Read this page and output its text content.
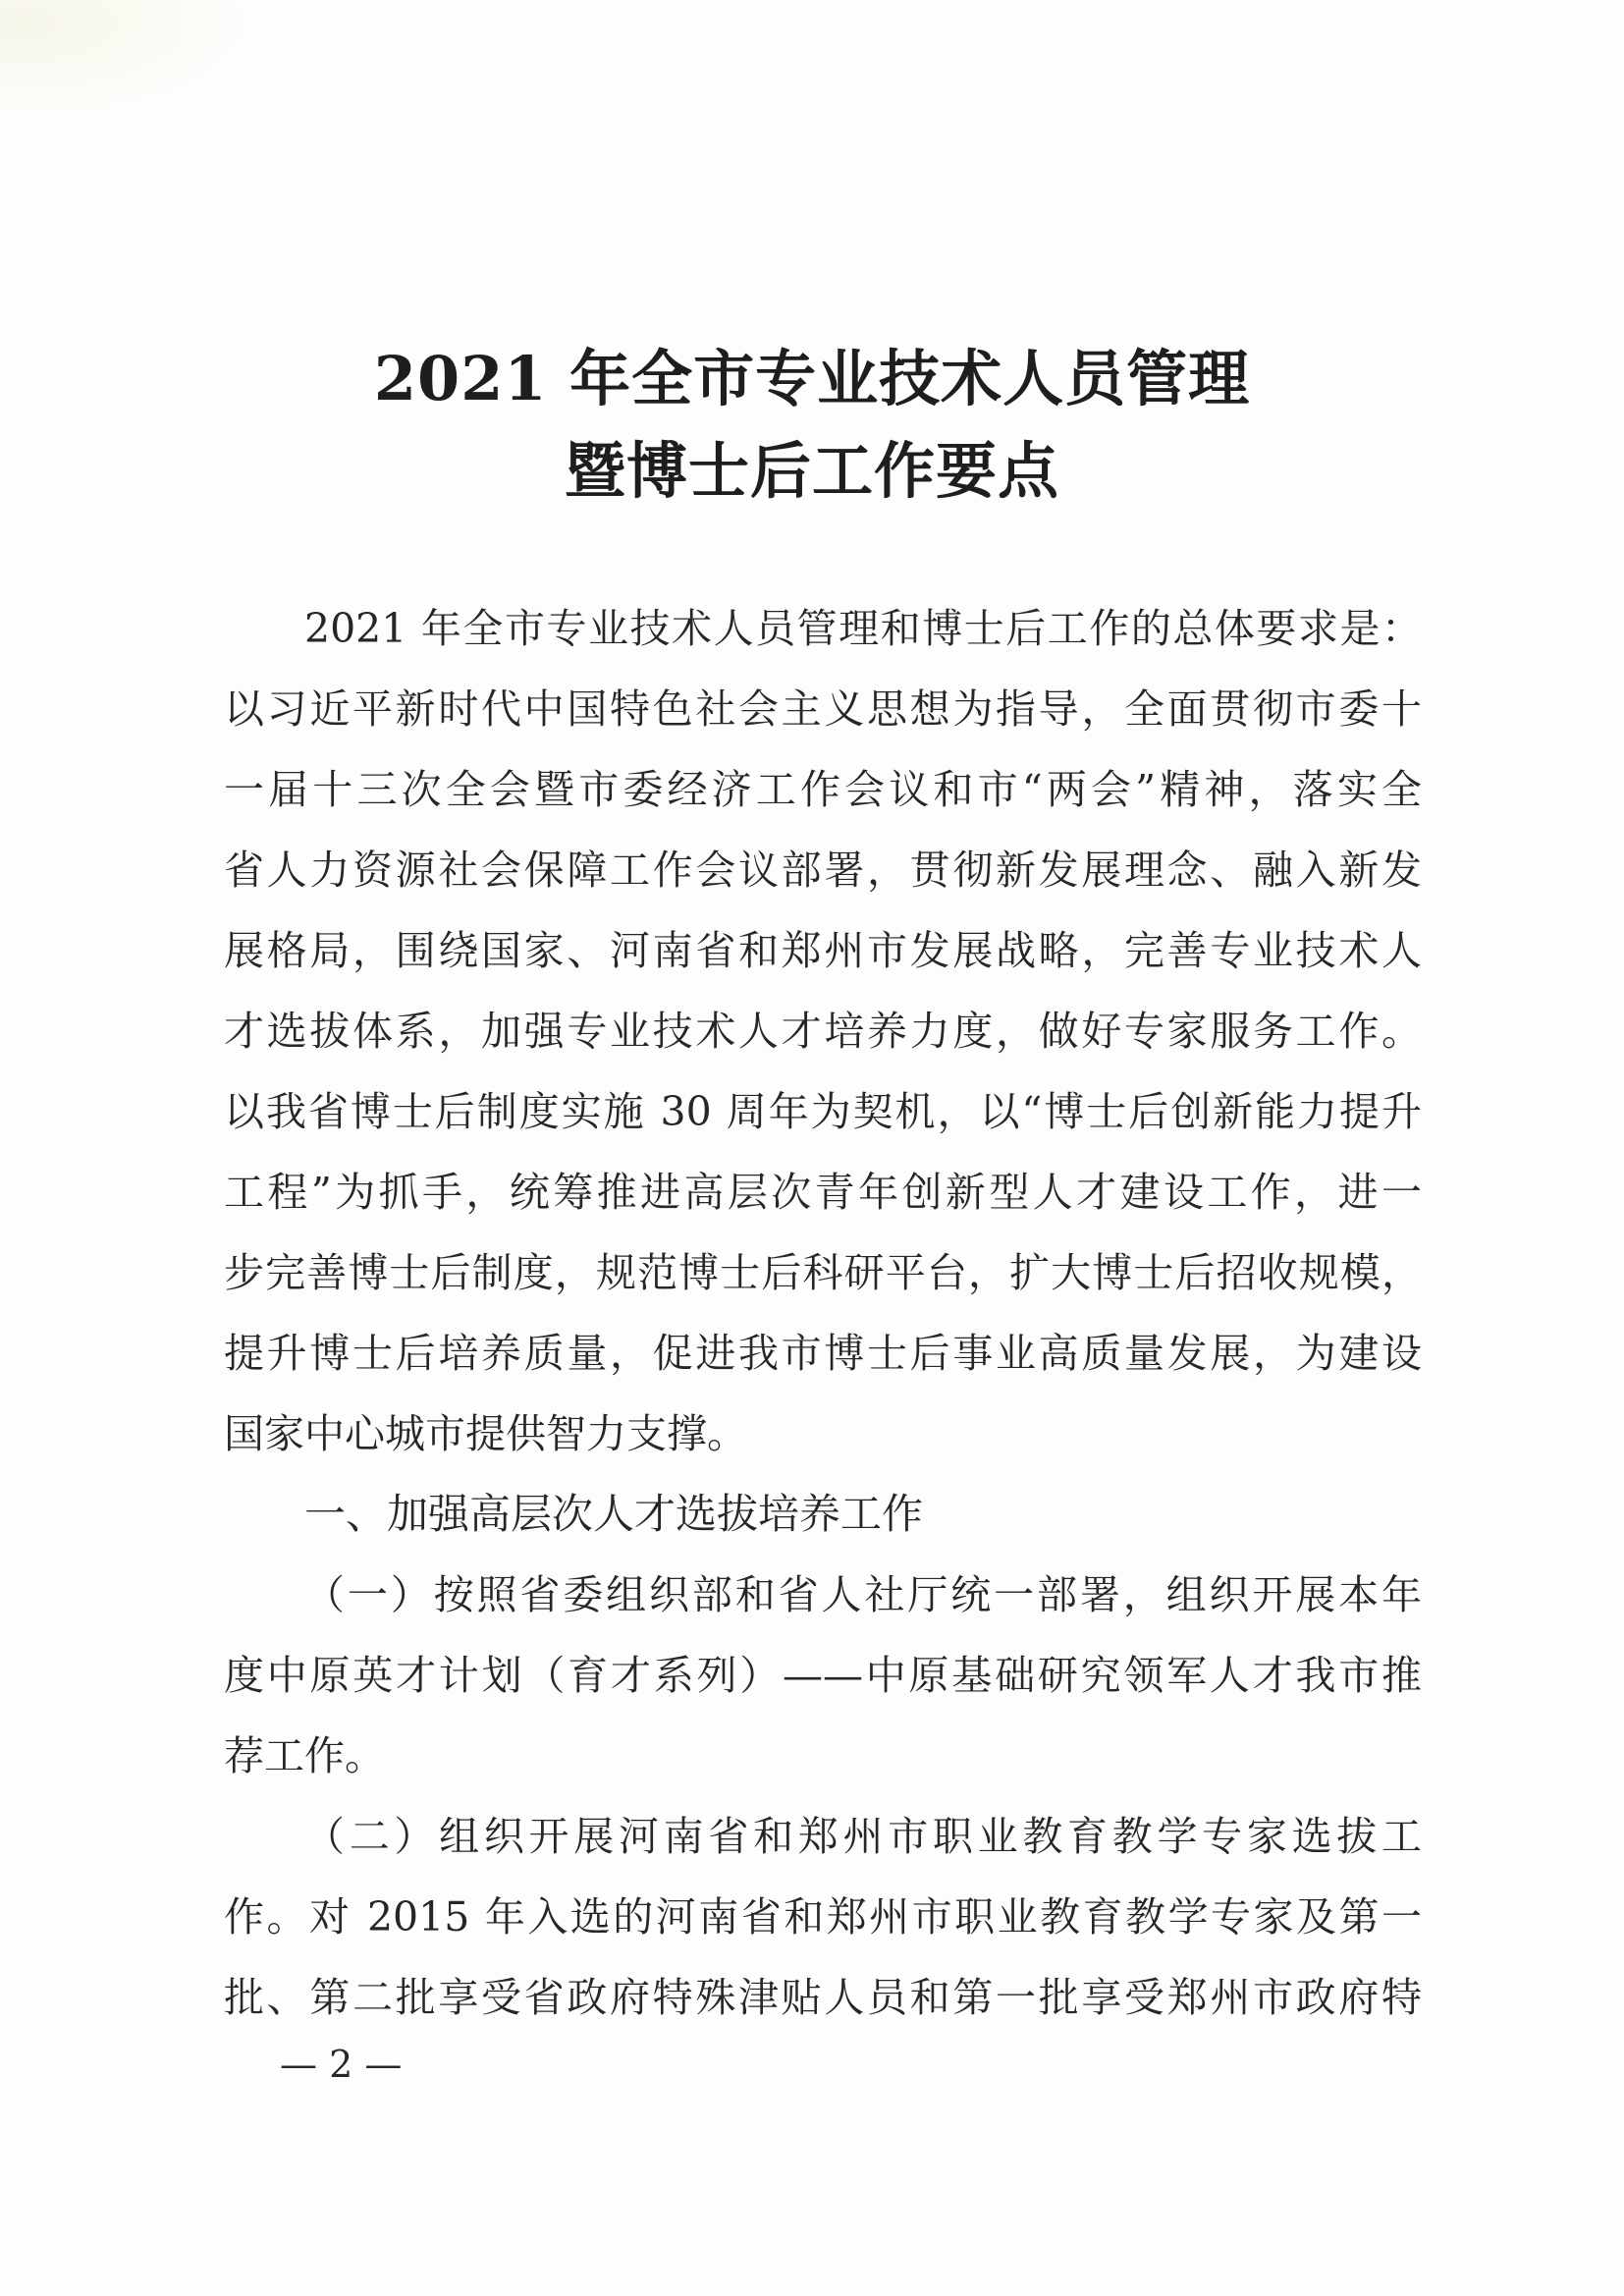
2021 年全市专业技术人员管理
暨博士后工作要点
2021 年全市专业技术人员管理和博士后工作的总体要求是：
以习近平新时代中国特色社会主义思想为指导，全面贯彻市委十
一届十三次全会暨市委经济工作会议和市“两会”精神，落实全
省人力资源社会保障工作会议部署，贯彻新发展理念、融入新发
展格局，围绕国家、河南省和郑州市发展战略，完善专业技术人
才选拔体系，加强专业技术人才培养力度，做好专家服务工作。
以我省博士后制度实施 30 周年为契机，以“博士后创新能力提升
工程”为抓手，统筹推进高层次青年创新型人才建设工作，进一
步完善博士后制度，规范博士后科研平台，扩大博士后招收规模，
提升博士后培养质量，促进我市博士后事业高质量发展，为建设
国家中心城市提供智力支撑。
一、加强高层次人才选拔培养工作
（一）按照省委组织部和省人社厅统一部署，组织开展本年
度中原英才计划（育才系列）——中原基础研究领军人才我市推
荐工作。
（二）组织开展河南省和郑州市职业教育教学专家选拔工
作。对 2015 年入选的河南省和郑州市职业教育教学专家及第一
批、第二批享受省政府特殊津贴人员和第一批享受郑州市政府特
— 2 —
